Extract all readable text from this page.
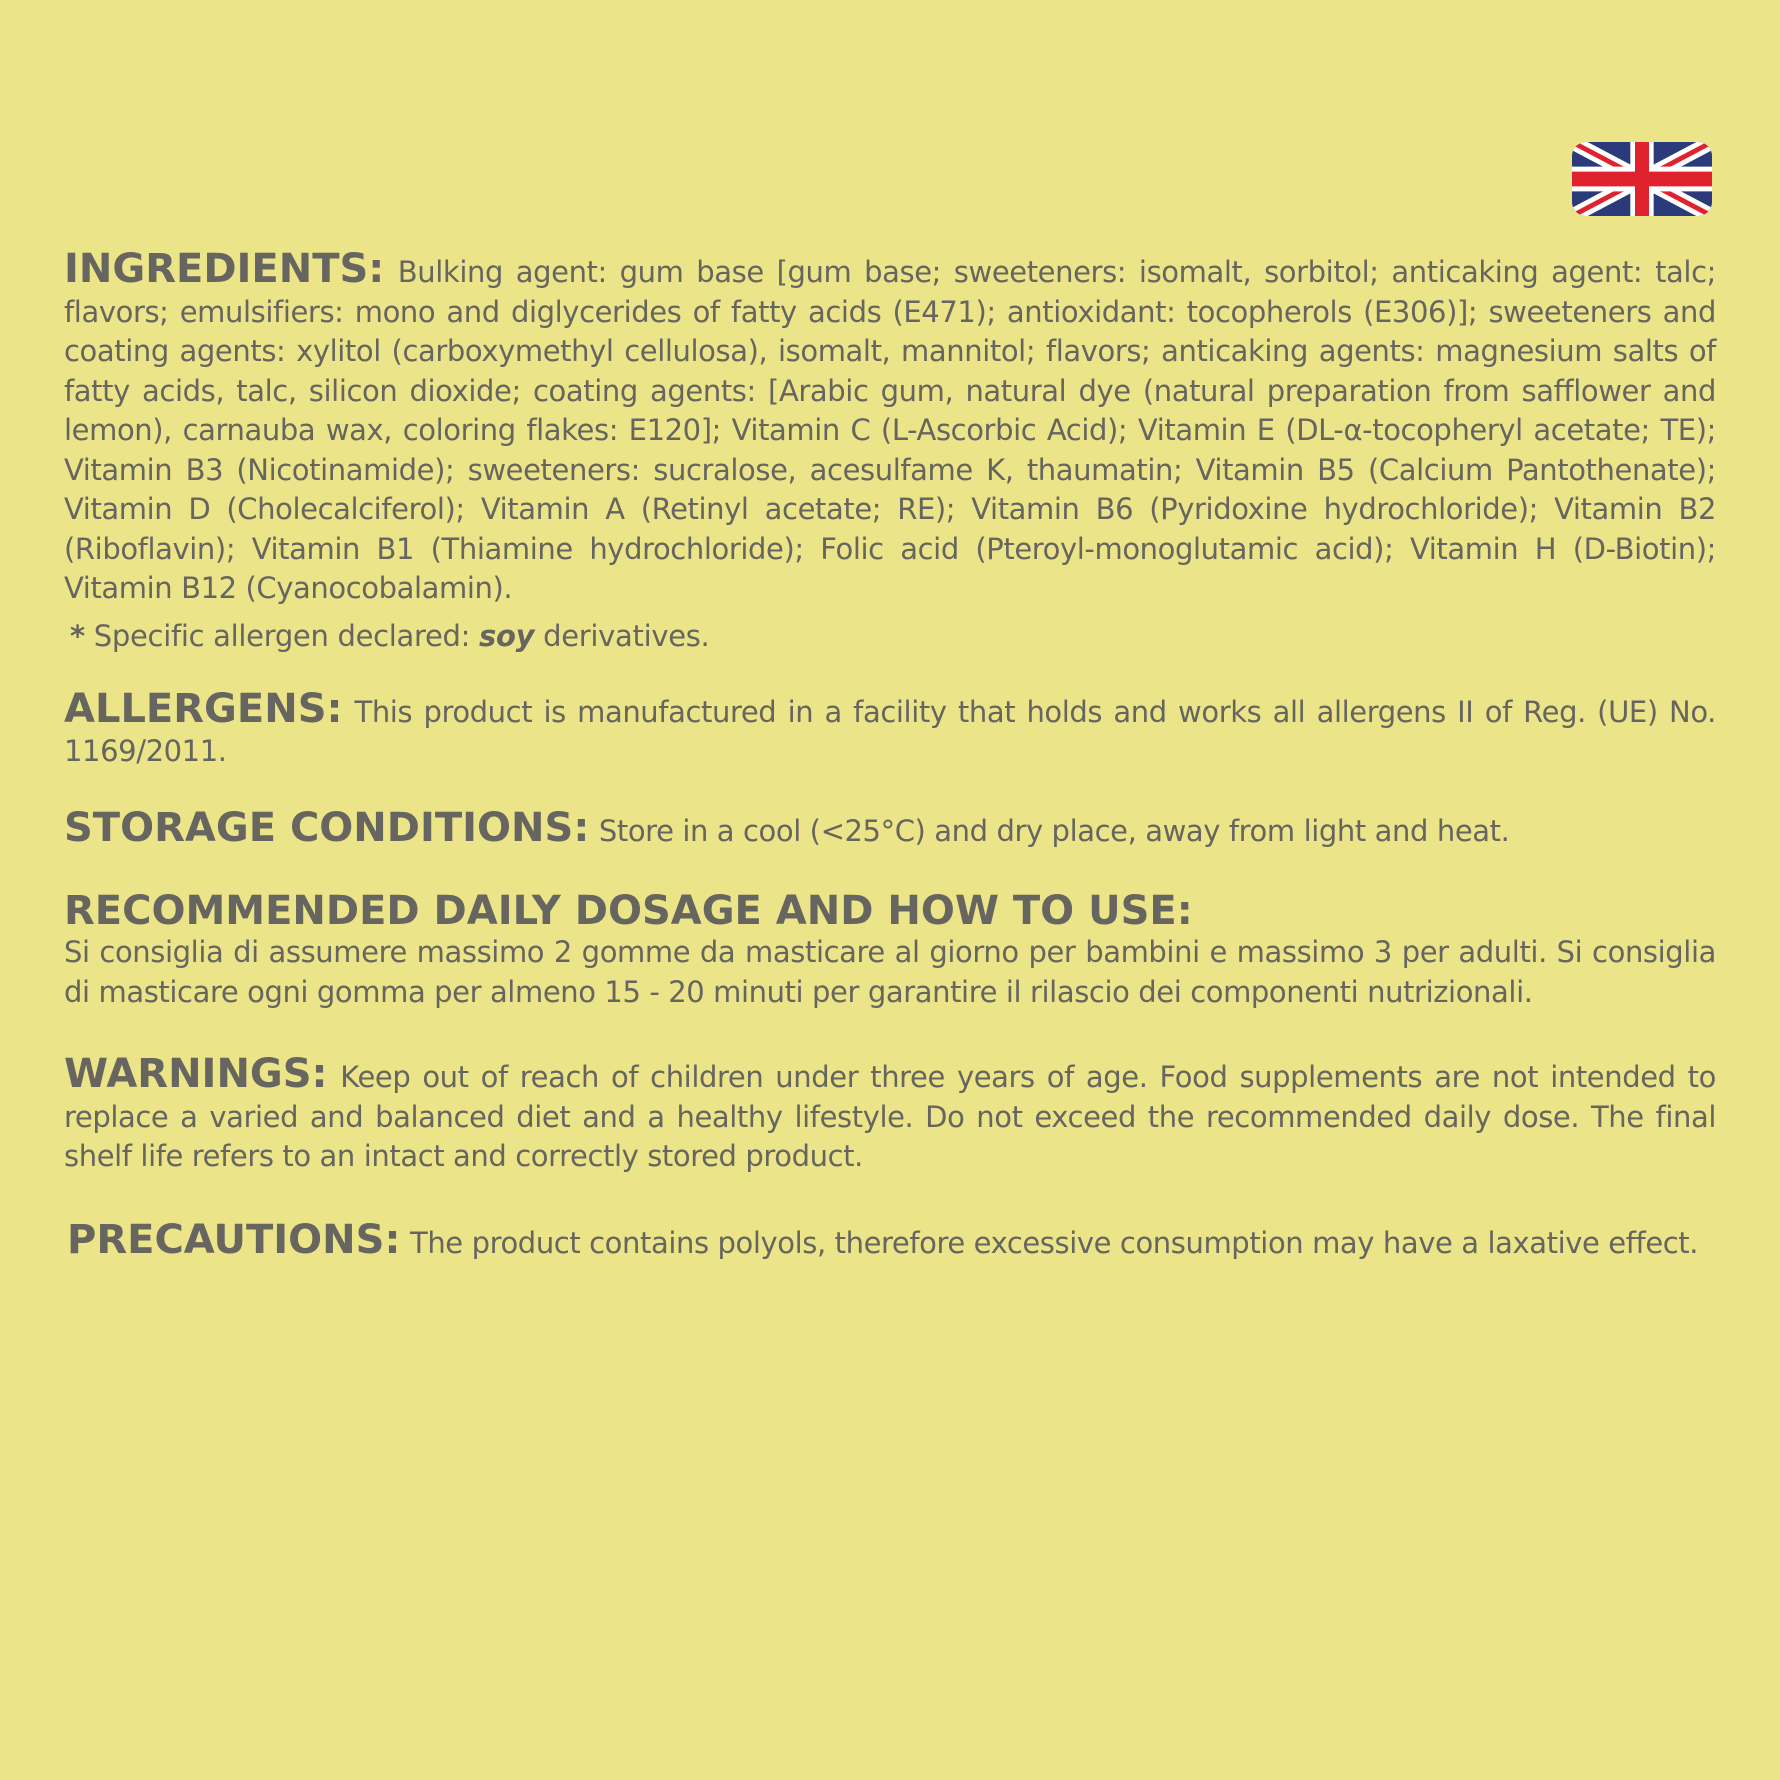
INGREDIENTS: Bulking agent: gum base [gum base; sweeteners: isomalt, sorbitol; anticaking agent: talc; flavors; emulsifiers: mono and diglycerides of fatty acids (E471); antioxidant: tocopherols (E306)]; sweeteners and coating agents: xylitol (carboxymethyl cellulosa), isomalt, mannitol; flavors; anticaking agents: magnesium salts of fatty acids, talc, silicon dioxide; coating agents: [Arabic gum, natural dye (natural preparation from safflower and lemon), carnauba wax, coloring flakes: E120]; Vitamin C (L-Ascorbic Acid); Vitamin E (DL-α-tocopheryl acetate; TE); Vitamin B3 (Nicotinamide); sweeteners: sucralose, acesulfame K, thaumatin; Vitamin B5 (Calcium Pantothenate); Vitamin D (Cholecalciferol); Vitamin A (Retinyl acetate; RE); Vitamin B6 (Pyridoxine hydrochloride); Vitamin B2 (Riboflavin); Vitamin B1 (Thiamine hydrochloride); Folic acid (Pteroyl-monoglutamic acid); Vitamin H (D-Biotin); Vitamin B12 (Cyanocobalamin).
* Specific allergen declared: soy derivatives.
ALLERGENS: This product is manufactured in a facility that holds and works all allergens II of Reg. (UE) No. 1169/2011.
STORAGE CONDITIONS: Store in a cool (<25°C) and dry place, away from light and heat.
RECOMMENDED DAILY DOSAGE AND HOW TO USE:
Si consiglia di assumere massimo 2 gomme da masticare al giorno per bambini e massimo 3 per adulti. Si consiglia di masticare ogni gomma per almeno 15 - 20 minuti per garantire il rilascio dei componenti nutrizionali.
WARNINGS: Keep out of reach of children under three years of age. Food supplements are not intended to replace a varied and balanced diet and a healthy lifestyle. Do not exceed the recommended daily dose. The final shelf life refers to an intact and correctly stored product.
PRECAUTIONS: The product contains polyols, therefore excessive consumption may have a laxative effect.
